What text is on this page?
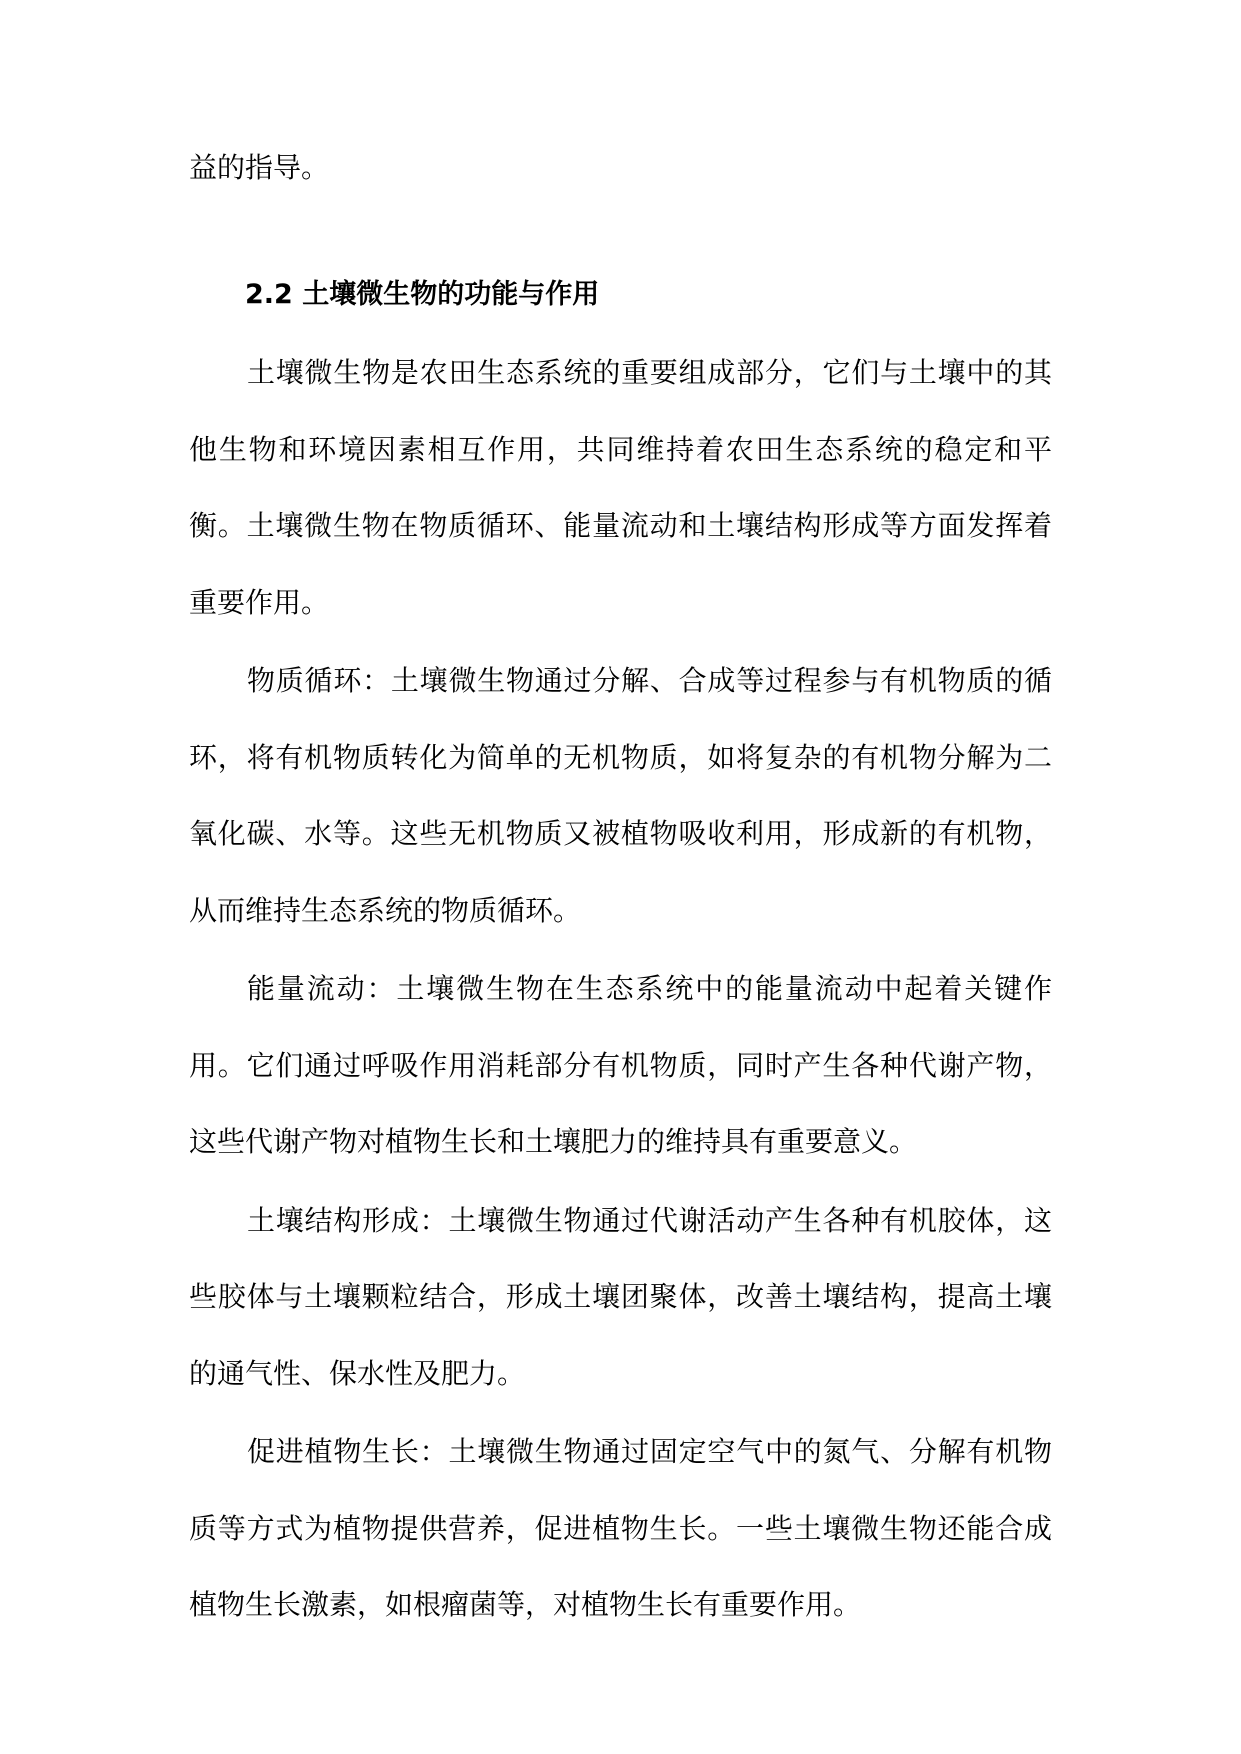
益的指导。

2.2 土壤微生物的功能与作用

土壤微生物是农田生态系统的重要组成部分，它们与土壤中的其他生物和环境因素相互作用，共同维持着农田生态系统的稳定和平衡。土壤微生物在物质循环、能量流动和土壤结构形成等方面发挥着重要作用。

物质循环：土壤微生物通过分解、合成等过程参与有机物质的循环，将有机物质转化为简单的无机物质，如将复杂的有机物分解为二氧化碳、水等。这些无机物质又被植物吸收利用，形成新的有机物，从而维持生态系统的物质循环。

能量流动：土壤微生物在生态系统中的能量流动中起着关键作用。它们通过呼吸作用消耗部分有机物质，同时产生各种代谢产物，这些代谢产物对植物生长和土壤肥力的维持具有重要意义。

土壤结构形成：土壤微生物通过代谢活动产生各种有机胶体，这些胶体与土壤颗粒结合，形成土壤团聚体，改善土壤结构，提高土壤的通气性、保水性及肥力。

促进植物生长：土壤微生物通过固定空气中的氮气、分解有机物质等方式为植物提供营养，促进植物生长。一些土壤微生物还能合成植物生长激素，如根瘤菌等，对植物生长有重要作用。
